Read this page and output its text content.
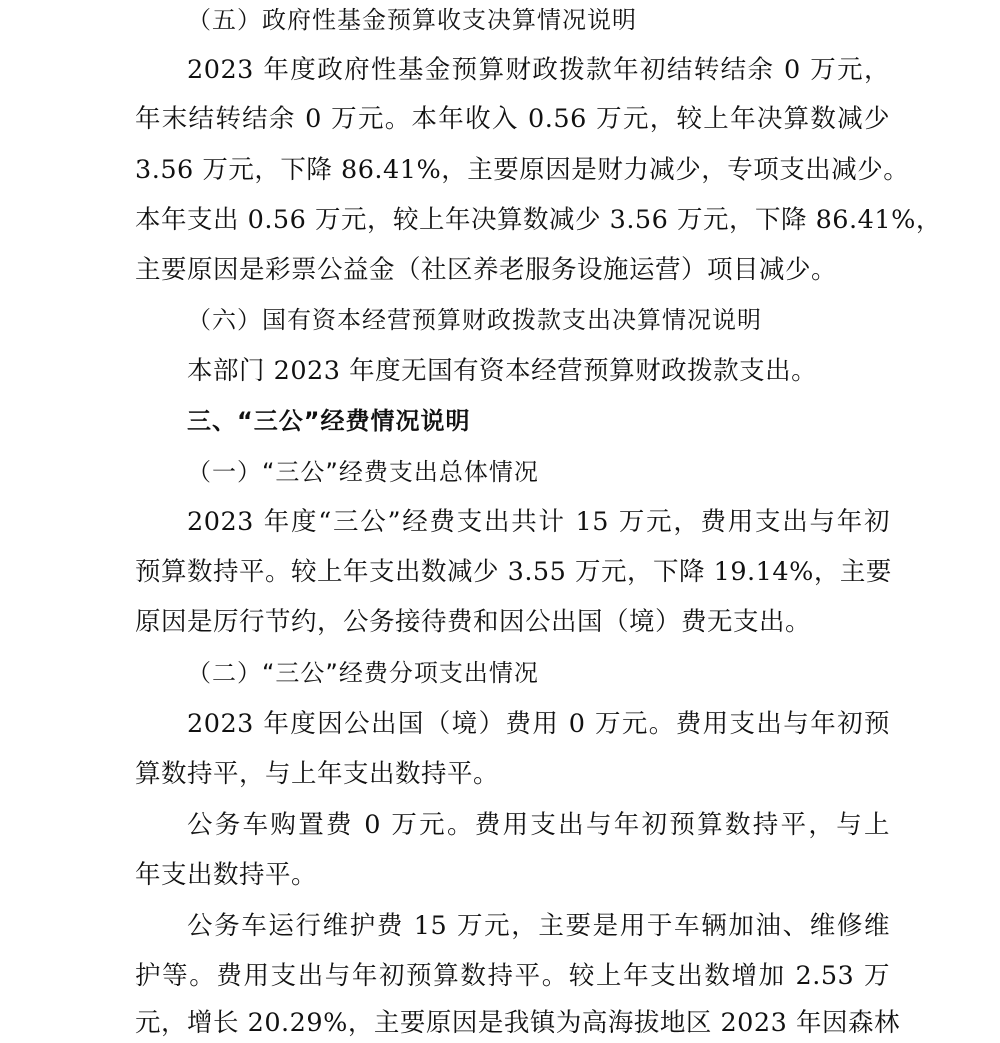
（五）政府性基金预算收支决算情况说明
2023 年度政府性基金预算财政拨款年初结转结余 0 万元，
年末结转结余 0 万元。本年收入 0.56 万元，较上年决算数减少
3.56 万元，下降 86.41%，主要原因是财力减少，专项支出减少。
本年支出 0.56 万元，较上年决算数减少 3.56 万元，下降 86.41%，
主要原因是彩票公益金（社区养老服务设施运营）项目减少。
（六）国有资本经营预算财政拨款支出决算情况说明
本部门 2023 年度无国有资本经营预算财政拨款支出。
三、“三公”经费情况说明
（一）“三公”经费支出总体情况
2023 年度“三公”经费支出共计 15 万元，费用支出与年初
预算数持平。较上年支出数减少 3.55 万元，下降 19.14%，主要
原因是厉行节约，公务接待费和因公出国（境）费无支出。
（二）“三公”经费分项支出情况
2023 年度因公出国（境）费用 0 万元。费用支出与年初预
算数持平，与上年支出数持平。
公务车购置费 0 万元。费用支出与年初预算数持平，与上
年支出数持平。
公务车运行维护费 15 万元，主要是用于车辆加油、维修维
护等。费用支出与年初预算数持平。较上年支出数增加 2.53 万
元，增长 20.29%，主要原因是我镇为高海拔地区 2023 年因森林
